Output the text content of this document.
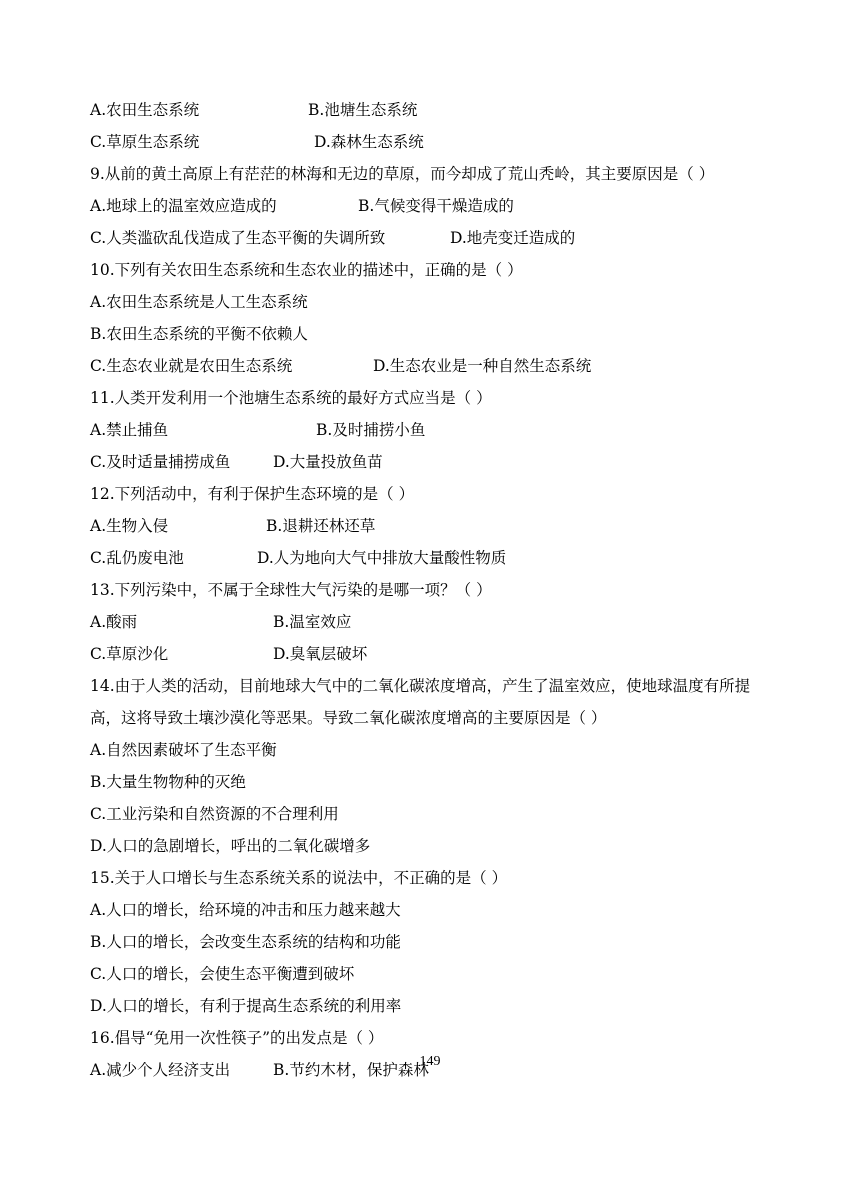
A.农田生态系统	B.池塘生态系统
C.草原生态系统	D.森林生态系统
9.从前的黄土高原上有茫茫的林海和无边的草原，而今却成了荒山秃岭，其主要原因是（ ）
A.地球上的温室效应造成的	B.气候变得干燥造成的
C.人类滥砍乱伐造成了生态平衡的失调所致	D.地壳变迁造成的
10.下列有关农田生态系统和生态农业的描述中，正确的是（ ）
A.农田生态系统是人工生态系统
B.农田生态系统的平衡不依赖人
C.生态农业就是农田生态系统	D.生态农业是一种自然生态系统
11.人类开发利用一个池塘生态系统的最好方式应当是（ ）
A.禁止捕鱼	B.及时捕捞小鱼
C.及时适量捕捞成鱼	D.大量投放鱼苗
12.下列活动中，有利于保护生态环境的是（ ）
A.生物入侵	B.退耕还林还草
C.乱仍废电池	D.人为地向大气中排放大量酸性物质
13.下列污染中，不属于全球性大气污染的是哪一项？（ ）
A.酸雨	B.温室效应
C.草原沙化	D.臭氧层破坏
14.由于人类的活动，目前地球大气中的二氧化碳浓度增高，产生了温室效应，使地球温度有所提高，这将导致土壤沙漠化等恶果。导致二氧化碳浓度增高的主要原因是（ ）
A.自然因素破坏了生态平衡
B.大量生物物种的灭绝
C.工业污染和自然资源的不合理利用
D.人口的急剧增长，呼出的二氧化碳增多
15.关于人口增长与生态系统关系的说法中，不正确的是（ ）
A.人口的增长，给环境的冲击和压力越来越大
B.人口的增长，会改变生态系统的结构和功能
C.人口的增长，会使生态平衡遭到破坏
D.人口的增长，有利于提高生态系统的利用率
16.倡导“免用一次性筷子”的出发点是（ ）
A.减少个人经济支出	B.节约木材，保护森林
149
